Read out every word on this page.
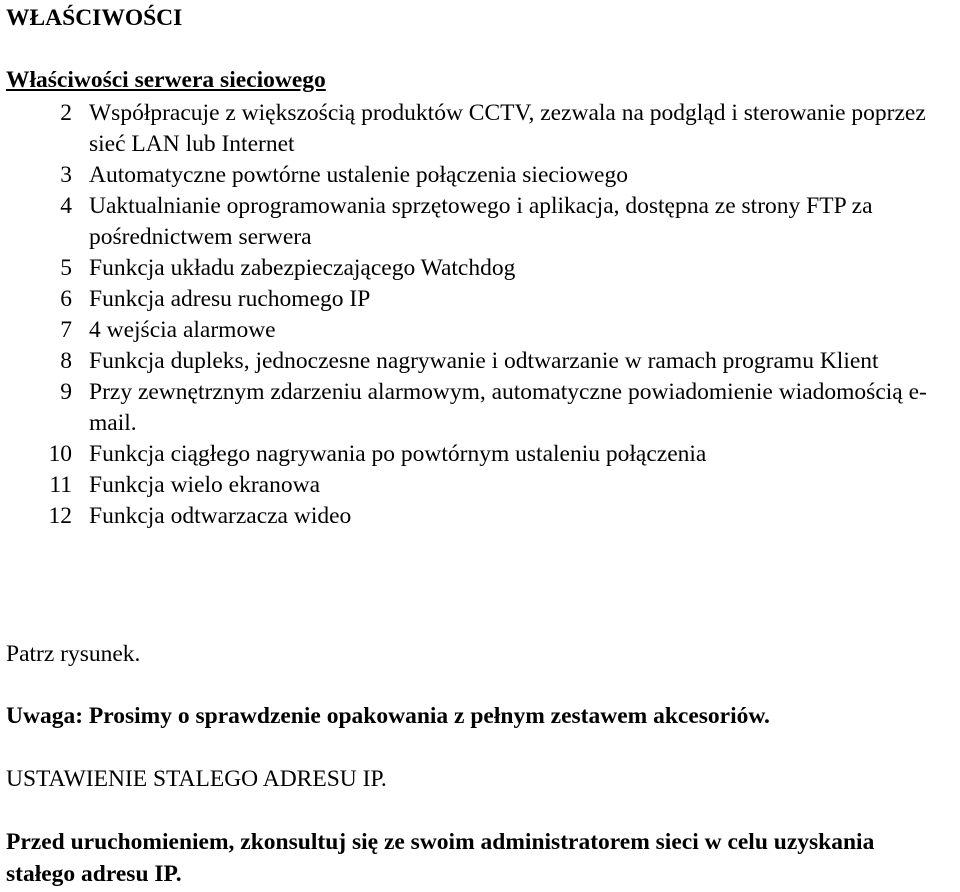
WŁAŚCIWOŚCI
Właściwości serwera sieciowego
2 Współpracuje z większością produktów CCTV, zezwala na podgląd i sterowanie poprzez sieć LAN lub Internet
3 Automatyczne powtórne ustalenie połączenia sieciowego
4 Uaktualnianie oprogramowania sprzętowego i aplikacja, dostępna ze strony FTP za pośrednictwem serwera
5 Funkcja układu zabezpieczającego Watchdog
6 Funkcja adresu ruchomego IP
7 4 wejścia alarmowe
8 Funkcja dupleks, jednoczesne nagrywanie i odtwarzanie w ramach programu Klient
9 Przy zewnętrznym zdarzeniu alarmowym, automatyczne powiadomienie wiadomością e-mail.
10 Funkcja ciągłego nagrywania po powtórnym ustaleniu połączenia
11 Funkcja wielo ekranowa
12 Funkcja odtwarzacza wideo
Patrz rysunek.
Uwaga: Prosimy o sprawdzenie opakowania z pełnym zestawem akcesoriów.
USTAWIENIE STALEGO ADRESU IP.
Przed uruchomieniem, zkonsultuj się ze swoim administratorem sieci w celu uzyskania stałego adresu IP.
